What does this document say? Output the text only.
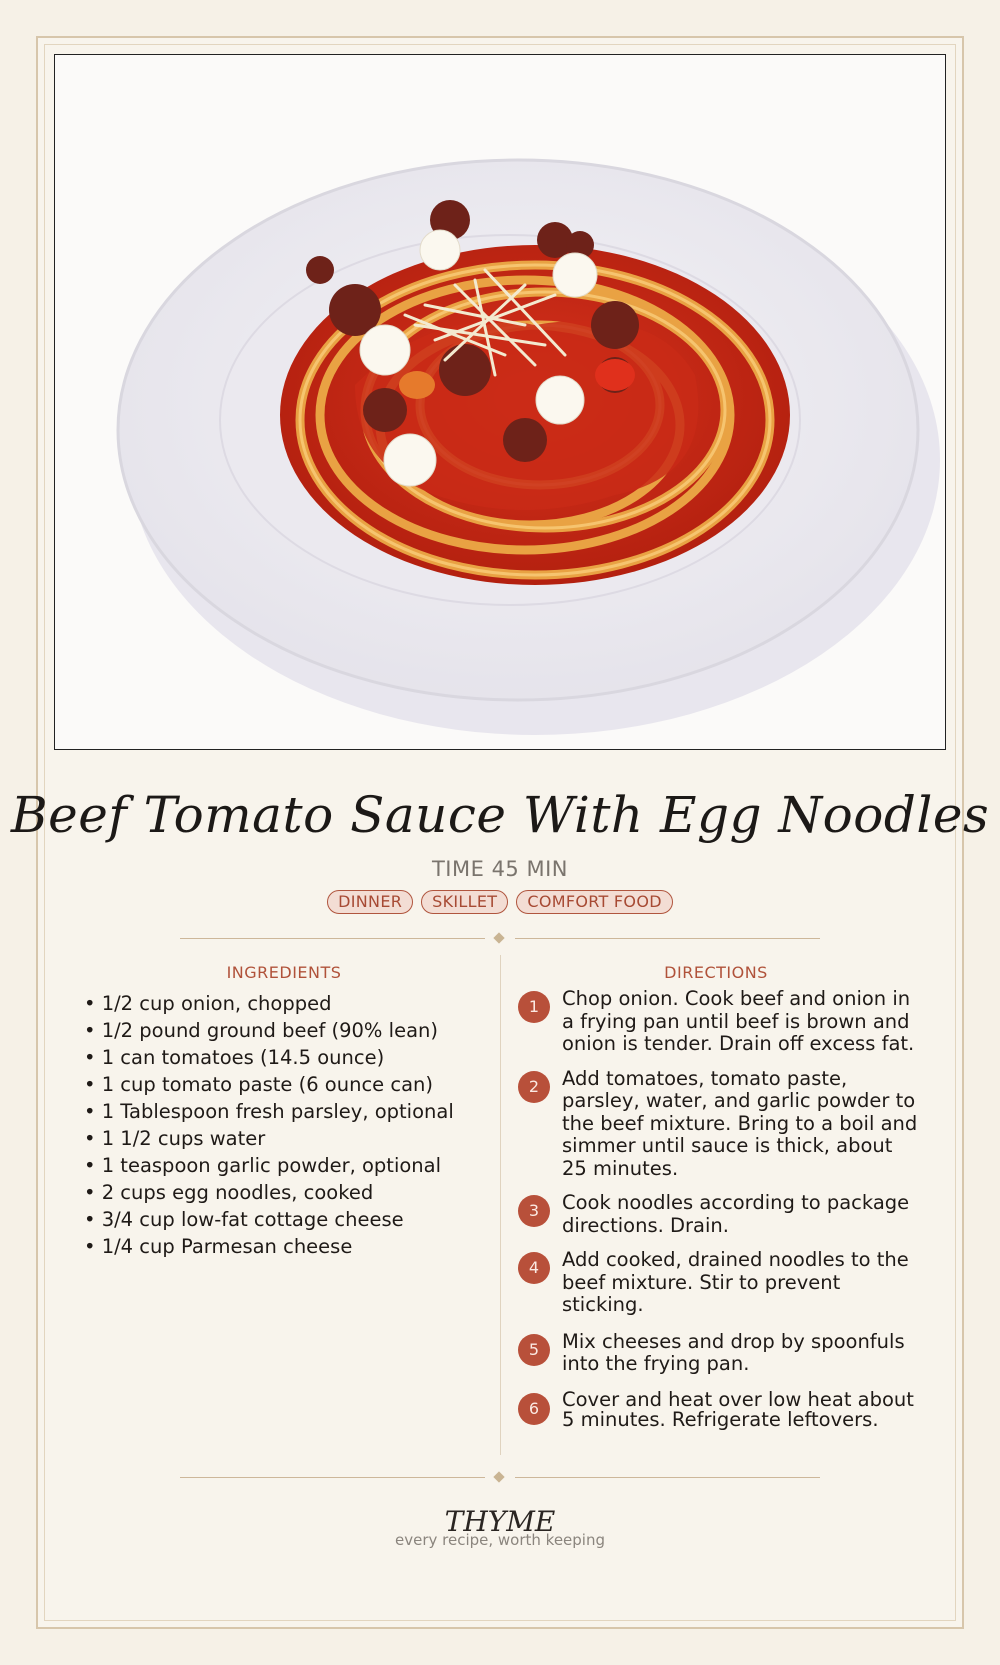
Beef Tomato Sauce With Egg Noodles
TIME 45 MIN
DINNER	SKILLET	COMFORT FOOD
INGREDIENTS	DIRECTIONS
• 1/2 cup onion, chopped
• 1/2 pound ground beef (90% lean)
• 1 can tomatoes (14.5 ounce)
• 1 cup tomato paste (6 ounce can)
• 1 Tablespoon fresh parsley, optional
• 1 1/2 cups water
• 1 teaspoon garlic powder, optional
• 2 cups egg noodles, cooked
• 3/4 cup low-fat cottage cheese
• 1/4 cup Parmesan cheese
1	Chop onion. Cook beef and onion in a frying pan until beef is brown and onion is tender. Drain off excess fat.
2	Add tomatoes, tomato paste, parsley, water, and garlic powder to the beef mixture. Bring to a boil and simmer until sauce is thick, about 25 minutes.
3	Cook noodles according to package directions. Drain.
4	Add cooked, drained noodles to the beef mixture. Stir to prevent sticking.
5	Mix cheeses and drop by spoonfuls into the frying pan.
6	Cover and heat over low heat about 5 minutes. Refrigerate leftovers.
THYME
every recipe, worth keeping
